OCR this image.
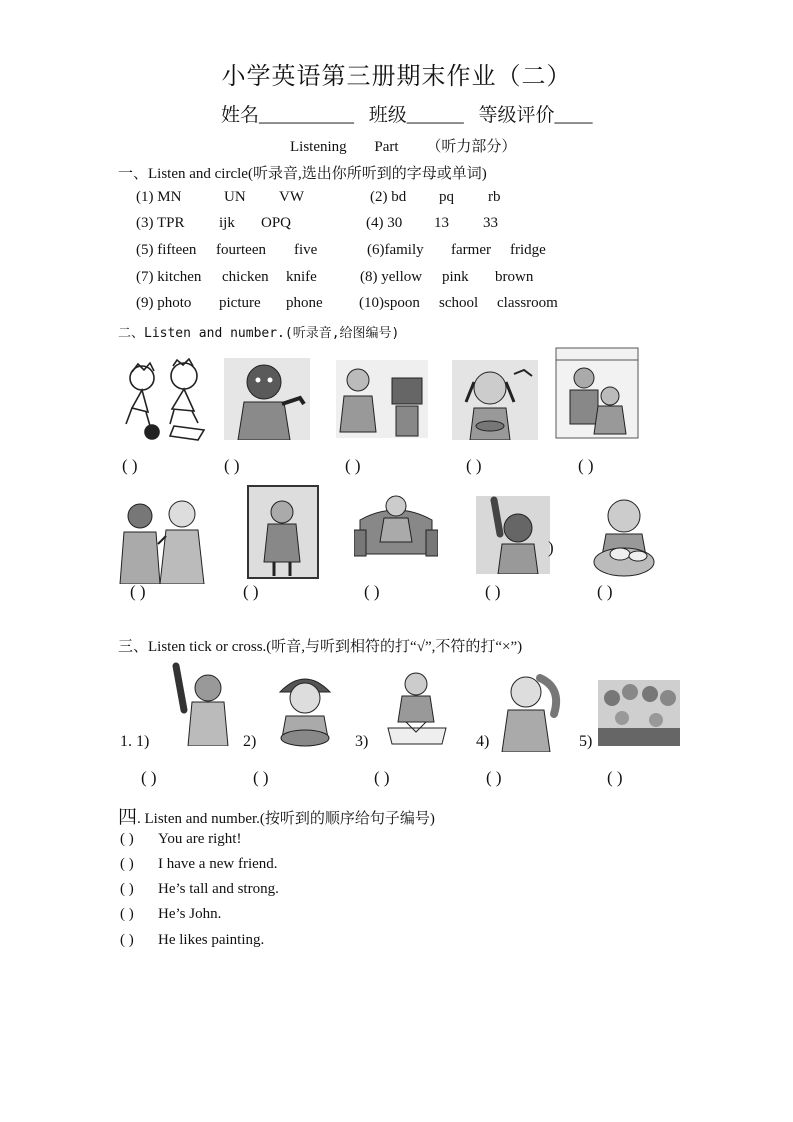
小学英语第三册期末作业（二）
姓名__________ 班级______ 等级评价____
Listening Part （听力部分）
一、Listen and circle(听录音,选出你所听到的字母或单词)
(1) MN	UN VW	(2) bd pq rb
(3) TPR ijk OPQ	(4) 30 13 33
(5) fifteen fourteen five	(6)family farmer fridge
(7) kitchen chicken knife	(8) yellow pink brown
(9) photo picture phone (10)spoon school classroom
二、Listen and number.(听录音,给图编号)
( )	( )	( )	( )	( )
)
( )	( )	( )	( )	( )
三、Listen tick or cross.(听音,与听到相符的打“√”,不符的打“×”)
1. 1)	2)	3)	4)	5)
( )	( )	( )	( )	( )
四. Listen and number.(按听到的顺序给句子编号)
( ) You are right!
( ) I have a new friend.
( ) He’s tall and strong.
( ) He’s John.
( ) He likes painting.
